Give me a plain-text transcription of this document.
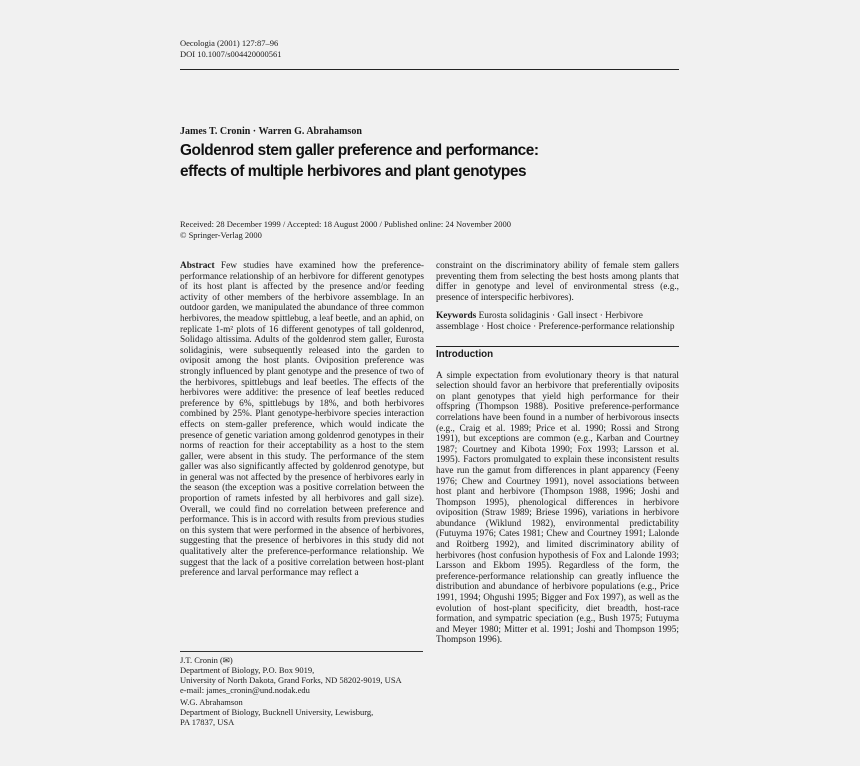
Oecologia (2001) 127:87–96
DOI 10.1007/s004420000561
James T. Cronin · Warren G. Abrahamson
Goldenrod stem galler preference and performance:
effects of multiple herbivores and plant genotypes
Received: 28 December 1999 / Accepted: 18 August 2000 / Published online: 24 November 2000
© Springer-Verlag 2000

Abstract Few studies have examined how the preference-performance relationship of an herbivore for different genotypes of its host plant is affected by the presence and/or feeding activity of other members of the herbivore assemblage. In an outdoor garden, we manipulated the abundance of three common herbivores, the meadow spittlebug, a leaf beetle, and an aphid, on replicate 1-m² plots of 16 different genotypes of tall goldenrod, Solidago altissima. Adults of the goldenrod stem galler, Eurosta solidaginis, were subsequently released into the garden to oviposit among the host plants. Oviposition preference was strongly influenced by plant genotype and the presence of two of the herbivores, spittlebugs and leaf beetles. The effects of the herbivores were additive: the presence of leaf beetles reduced preference by 6%, spittlebugs by 18%, and both herbivores combined by 25%. Plant genotype-herbivore species interaction effects on stem-galler preference, which would indicate the presence of genetic variation among goldenrod genotypes in their norms of reaction for their acceptability as a host to the stem galler, were absent in this study. The performance of the stem galler was also significantly affected by goldenrod genotype, but in general was not affected by the presence of herbivores early in the season (the exception was a positive correlation between the proportion of ramets infested by all herbivores and gall size). Overall, we could find no correlation between preference and performance. This is in accord with results from previous studies on this system that were performed in the absence of herbivores, suggesting that the presence of herbivores in this study did not qualitatively alter the preference-performance relationship. We suggest that the lack of a positive correlation between host-plant preference and larval performance may reflect a

constraint on the discriminatory ability of female stem gallers preventing them from selecting the best hosts among plants that differ in genotype and level of environmental stress (e.g., presence of interspecific herbivores).

Keywords Eurosta solidaginis · Gall insect · Herbivore assemblage · Host choice · Preference-performance relationship
Introduction

A simple expectation from evolutionary theory is that natural selection should favor an herbivore that preferentially oviposits on plant genotypes that yield high performance for their offspring (Thompson 1988). Positive preference-performance correlations have been found in a number of herbivorous insects (e.g., Craig et al. 1989; Price et al. 1990; Rossi and Strong 1991), but exceptions are common (e.g., Karban and Courtney 1987; Courtney and Kibota 1990; Fox 1993; Larsson et al. 1995). Factors promulgated to explain these inconsistent results have run the gamut from differences in plant apparency (Feeny 1976; Chew and Courtney 1991), novel associations between host plant and herbivore (Thompson 1988, 1996; Joshi and Thompson 1995), phenological differences in herbivore oviposition (Straw 1989; Briese 1996), variations in herbivore abundance (Wiklund 1982), environmental predictability (Futuyma 1976; Cates 1981; Chew and Courtney 1991; Lalonde and Roitberg 1992), and limited discriminatory ability of herbivores (host confusion hypothesis of Fox and Lalonde 1993; Larsson and Ekbom 1995). Regardless of the form, the preference-performance relationship can greatly influence the distribution and abundance of herbivore populations (e.g., Price 1991, 1994; Ohgushi 1995; Bigger and Fox 1997), as well as the evolution of host-plant specificity, diet breadth, host-race formation, and sympatric speciation (e.g., Bush 1975; Futuyma and Meyer 1980; Mitter et al. 1991; Joshi and Thompson 1995; Thompson 1996).

J.T. Cronin (✉)
Department of Biology, P.O. Box 9019,
University of North Dakota, Grand Forks, ND 58202-9019, USA
e-mail: james_cronin@und.nodak.edu
W.G. Abrahamson
Department of Biology, Bucknell University, Lewisburg,
PA 17837, USA
